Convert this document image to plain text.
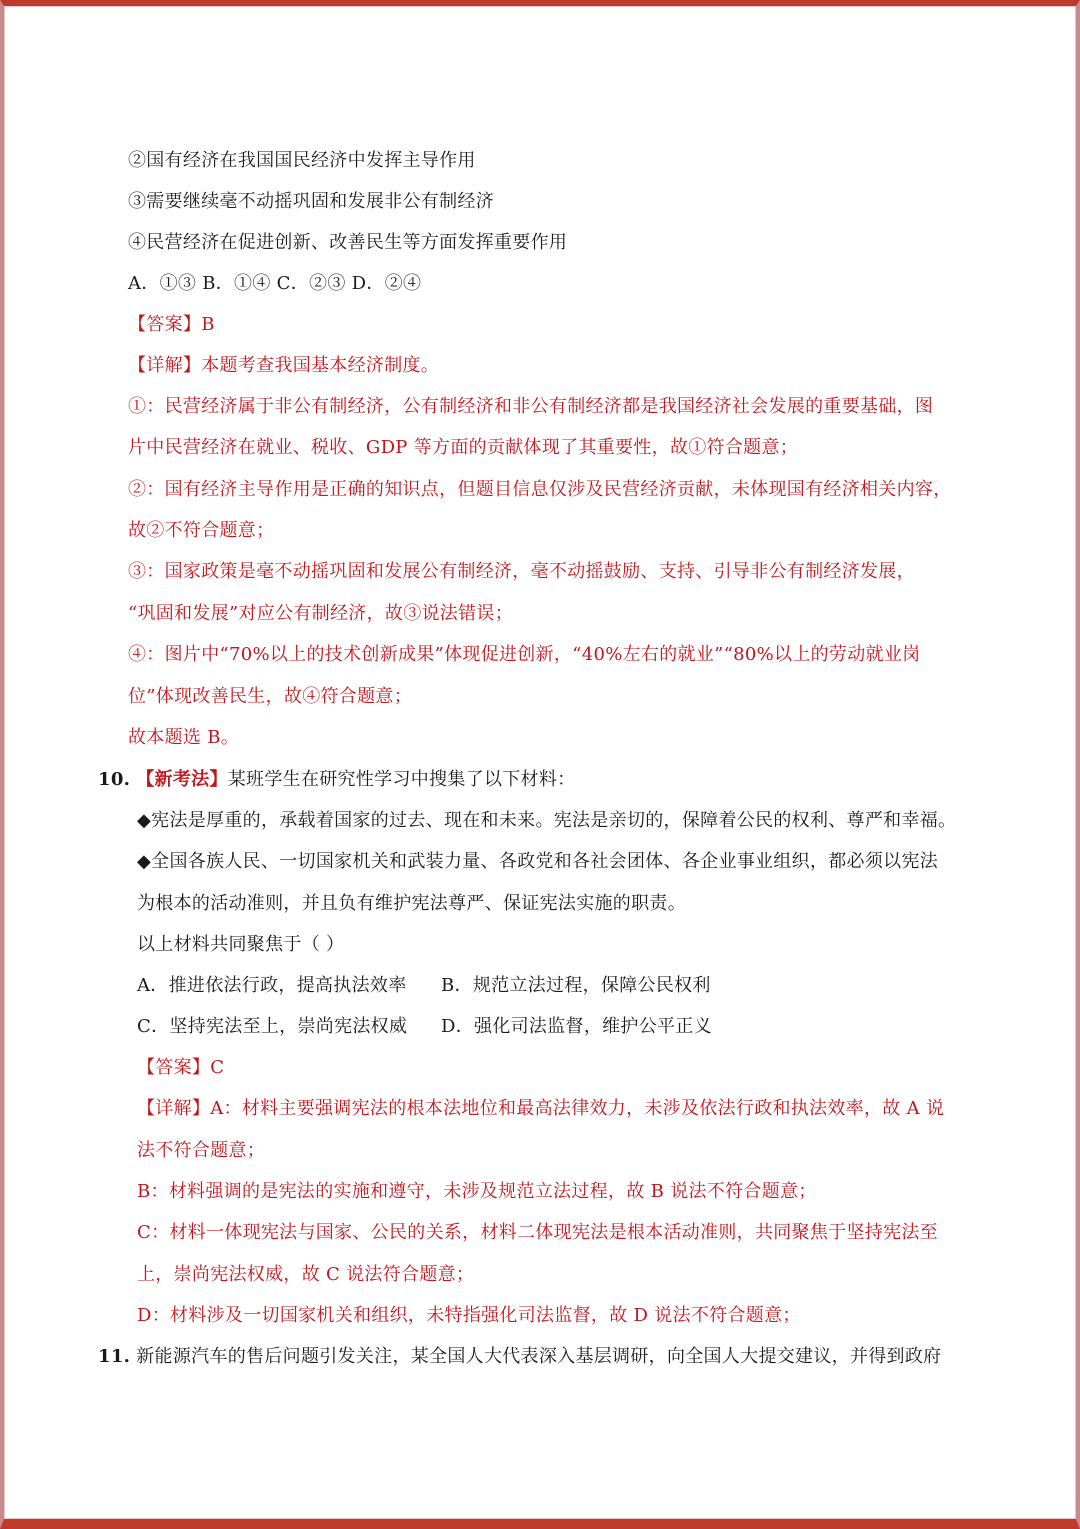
②国有经济在我国国民经济中发挥主导作用
③需要继续毫不动摇巩固和发展非公有制经济
④民营经济在促进创新、改善民生等方面发挥重要作用
A．①③ B．①④ C．②③ D．②④
【答案】B
【详解】本题考查我国基本经济制度。
①：民营经济属于非公有制经济，公有制经济和非公有制经济都是我国经济社会发展的重要基础，图
片中民营经济在就业、税收、GDP 等方面的贡献体现了其重要性，故①符合题意；
②：国有经济主导作用是正确的知识点，但题目信息仅涉及民营经济贡献，未体现国有经济相关内容，
故②不符合题意；
③：国家政策是毫不动摇巩固和发展公有制经济，毫不动摇鼓励、支持、引导非公有制经济发展，
“巩固和发展”对应公有制经济，故③说法错误；
④：图片中“70%以上的技术创新成果”体现促进创新，“40%左右的就业”“80%以上的劳动就业岗
位”体现改善民生，故④符合题意；
故本题选 B。
10. 【新考法】某班学生在研究性学习中搜集了以下材料：
◆宪法是厚重的，承载着国家的过去、现在和未来。宪法是亲切的，保障着公民的权利、尊严和幸福。
◆全国各族人民、一切国家机关和武装力量、各政党和各社会团体、各企业事业组织，都必须以宪法
为根本的活动准则，并且负有维护宪法尊严、保证宪法实施的职责。
以上材料共同聚焦于（ ）
A．推进依法行政，提高执法效率 B．规范立法过程，保障公民权利
C．坚持宪法至上，崇尚宪法权威 D．强化司法监督，维护公平正义
【答案】C
【详解】A：材料主要强调宪法的根本法地位和最高法律效力，未涉及依法行政和执法效率，故 A 说
法不符合题意；
B：材料强调的是宪法的实施和遵守，未涉及规范立法过程，故 B 说法不符合题意；
C：材料一体现宪法与国家、公民的关系，材料二体现宪法是根本活动准则，共同聚焦于坚持宪法至
上，崇尚宪法权威，故 C 说法符合题意；
D：材料涉及一切国家机关和组织，未特指强化司法监督，故 D 说法不符合题意；
11. 新能源汽车的售后问题引发关注，某全国人大代表深入基层调研，向全国人大提交建议，并得到政府
